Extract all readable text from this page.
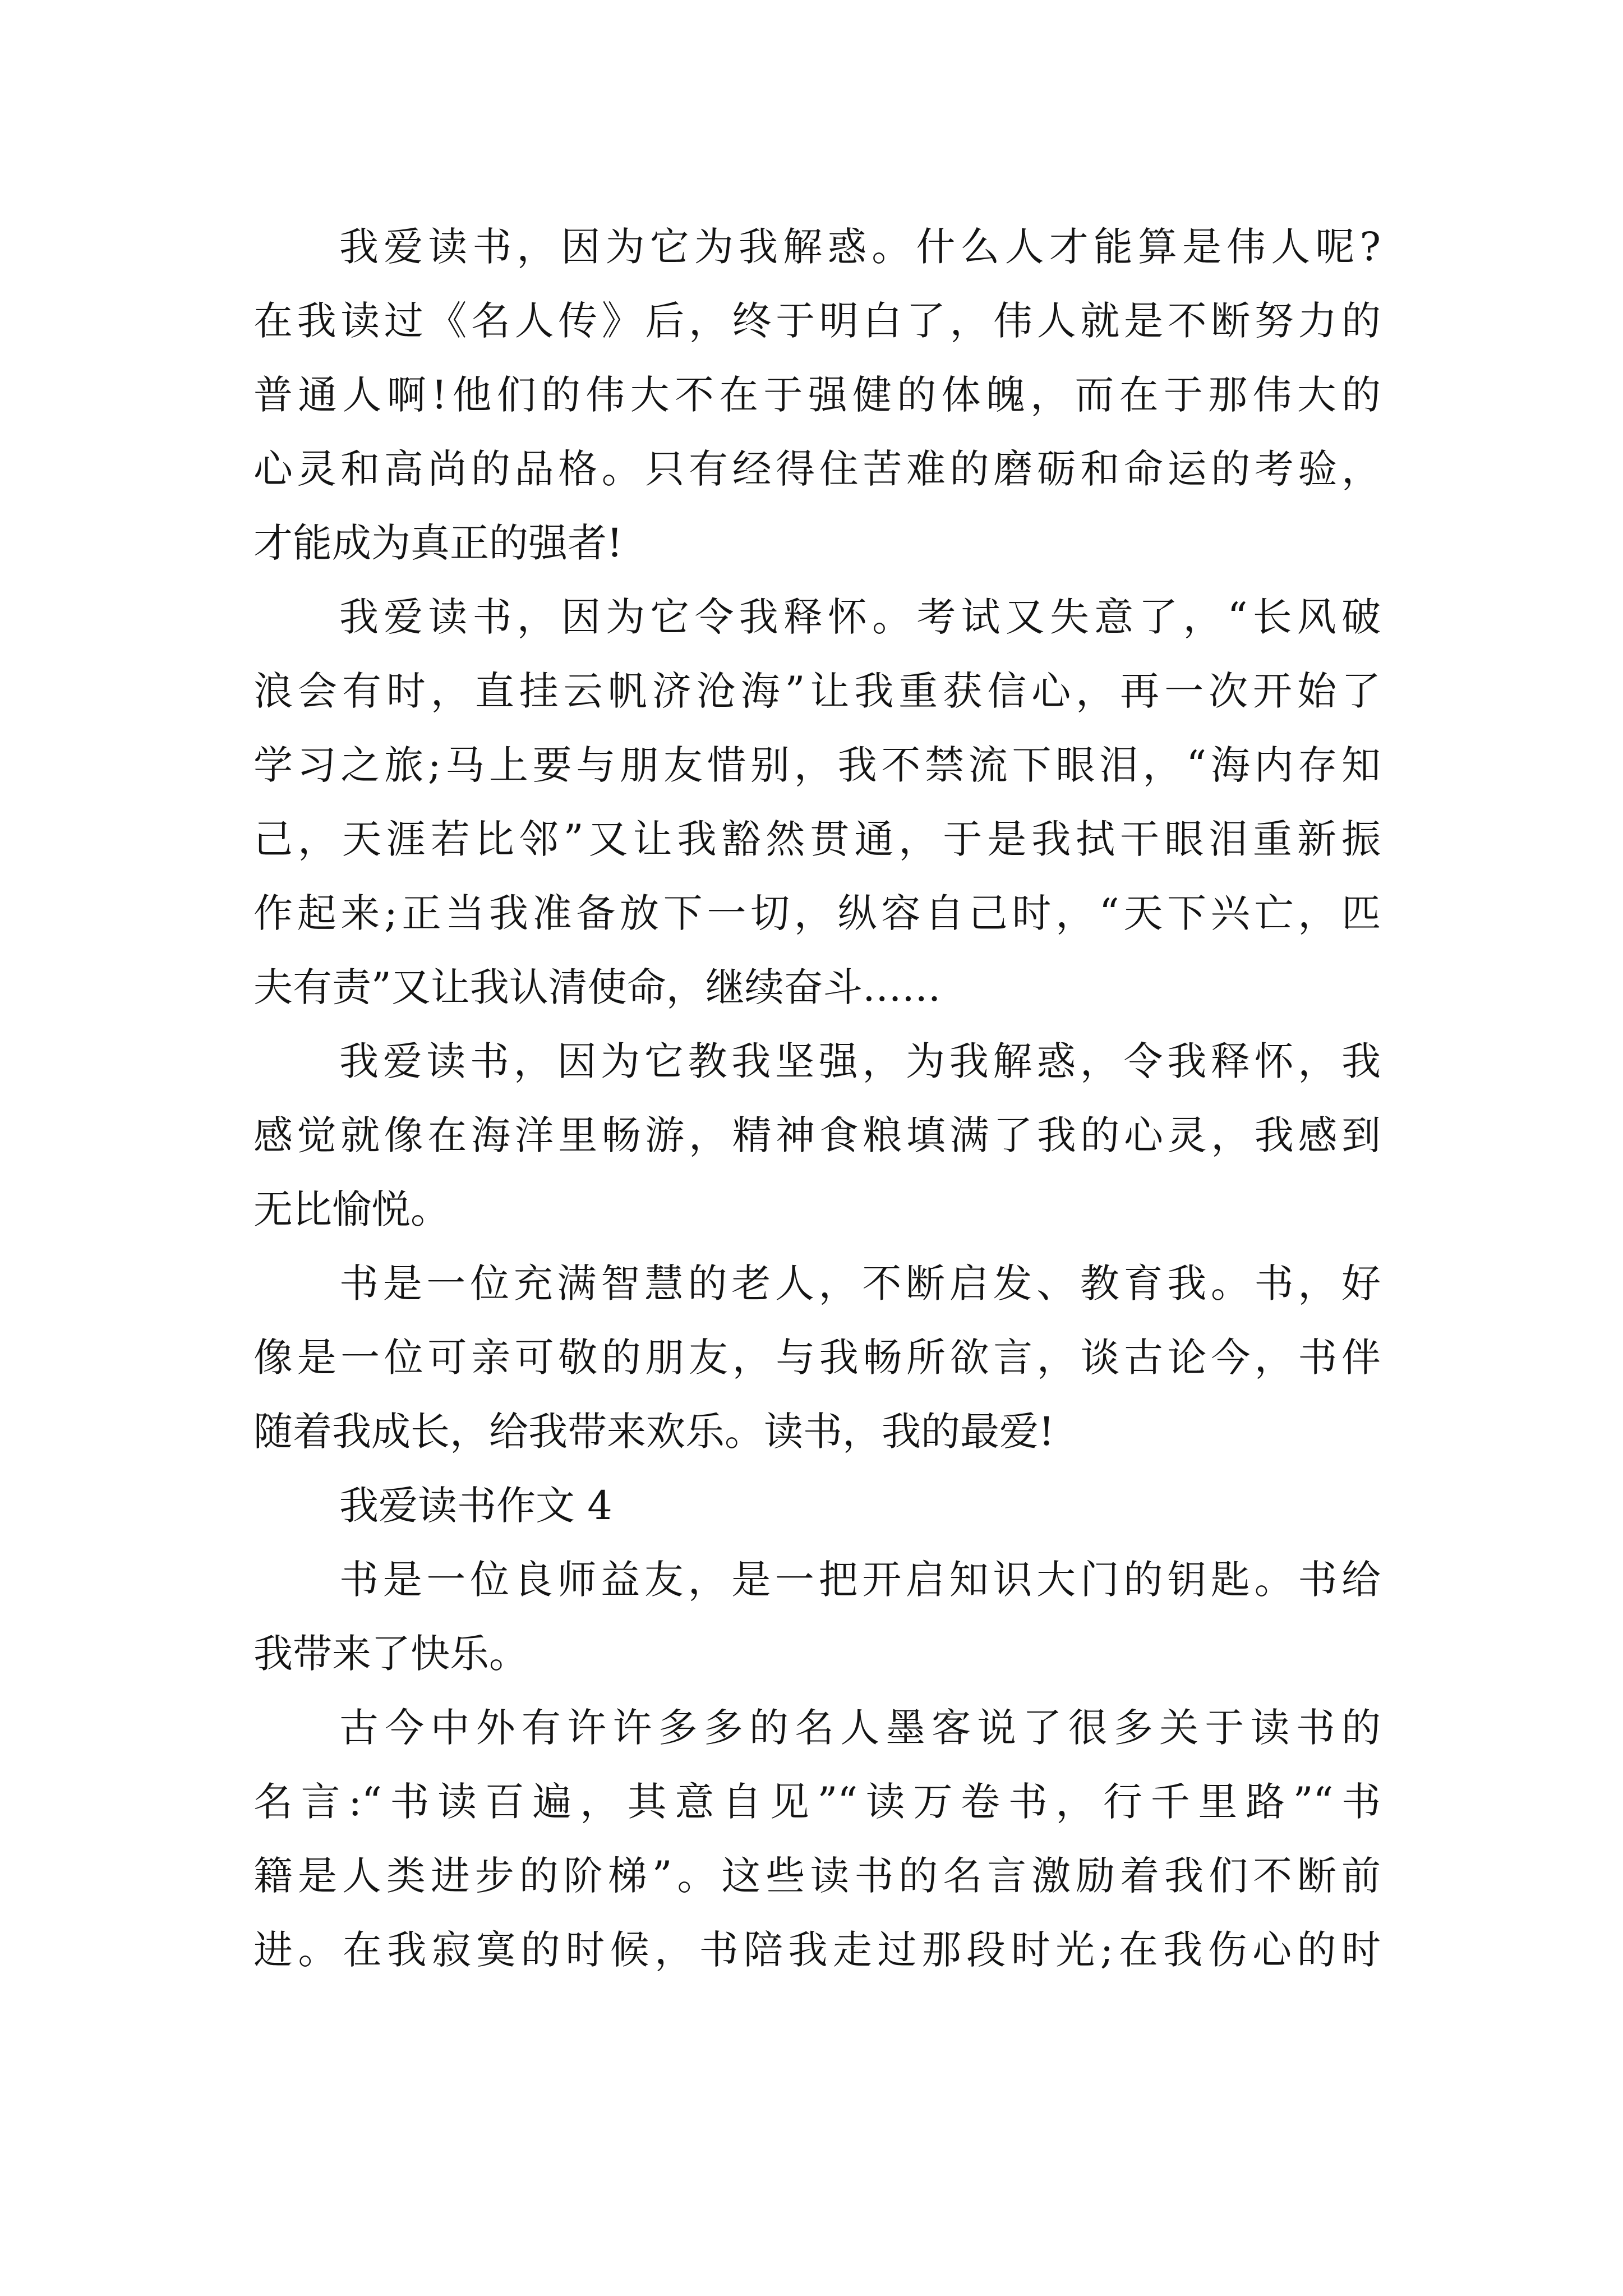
我爱读书，因为它为我解惑。什么人才能算是伟人呢?
在我读过《名人传》后，终于明白了，伟人就是不断努力的
普通人啊!他们的伟大不在于强健的体魄，而在于那伟大的
心灵和高尚的品格。只有经得住苦难的磨砺和命运的考验，
才能成为真正的强者!
我爱读书，因为它令我释怀。考试又失意了，“长风破
浪会有时，直挂云帆济沧海”让我重获信心，再一次开始了
学习之旅;马上要与朋友惜别，我不禁流下眼泪，“海内存知
己，天涯若比邻”又让我豁然贯通，于是我拭干眼泪重新振
作起来;正当我准备放下一切，纵容自己时，“天下兴亡，匹
夫有责”又让我认清使命，继续奋斗……
我爱读书，因为它教我坚强，为我解惑，令我释怀，我
感觉就像在海洋里畅游，精神食粮填满了我的心灵，我感到
无比愉悦。
书是一位充满智慧的老人，不断启发、教育我。书，好
像是一位可亲可敬的朋友，与我畅所欲言，谈古论今，书伴
随着我成长，给我带来欢乐。读书，我的最爱!
我爱读书作文 4
书是一位良师益友，是一把开启知识大门的钥匙。书给
我带来了快乐。
古今中外有许许多多的名人墨客说了很多关于读书的
名言:“书读百遍，其意自见”“读万卷书，行千里路”“书
籍是人类进步的阶梯”。这些读书的名言激励着我们不断前
进。在我寂寞的时候，书陪我走过那段时光;在我伤心的时
